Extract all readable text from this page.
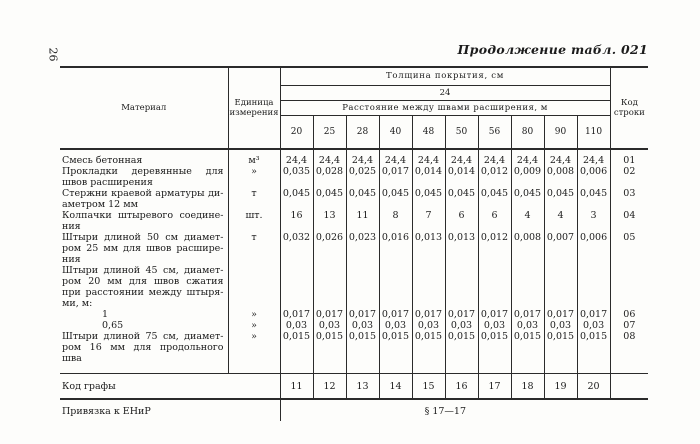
26	Продолжение табл. 021
Материал	Единица измерения	Толщина покрытия, см										Код строки
		24										
		Расстояние между швами расширения, м										
		20	25	28	40	48	50	56	80	90	110	
Смесь бетонная	м³	24,4	24,4	24,4	24,4	24,4	24,4	24,4	24,4	24,4	24,4	01
Прокладки деревянные для швов расширения	»	0,035	0,028	0,025	0,017	0,014	0,014	0,012	0,009	0,008	0,006	02
Стержни краевой арматуры диаметром 12 мм	т	0,045	0,045	0,045	0,045	0,045	0,045	0,045	0,045	0,045	0,045	03
Колпачки штыревого соединения	шт.	16	13	11	8	7	6	6	4	4	3	04
Штыри длиной 50 см диаметром 25 мм для швов расширения	т	0,032	0,026	0,023	0,016	0,013	0,013	0,012	0,008	0,007	0,006	05
Штыри длиной 45 см, диаметром 20 мм для швов сжатия при расстоянии между штырями, м:												
1	»	0,017	0,017	0,017	0,017	0,017	0,017	0,017	0,017	0,017	0,017	06
0,65	»	0,03	0,03	0,03	0,03	0,03	0,03	0,03	0,03	0,03	0,03	07
Штыри длиной 75 см, диаметром 16 мм для продольного шва	»	0,015	0,015	0,015	0,015	0,015	0,015	0,015	0,015	0,015	0,015	08
Код графы		11	12	13	14	15	16	17	18	19	20	
Привязка к ЕНиР		§ 17—17										
